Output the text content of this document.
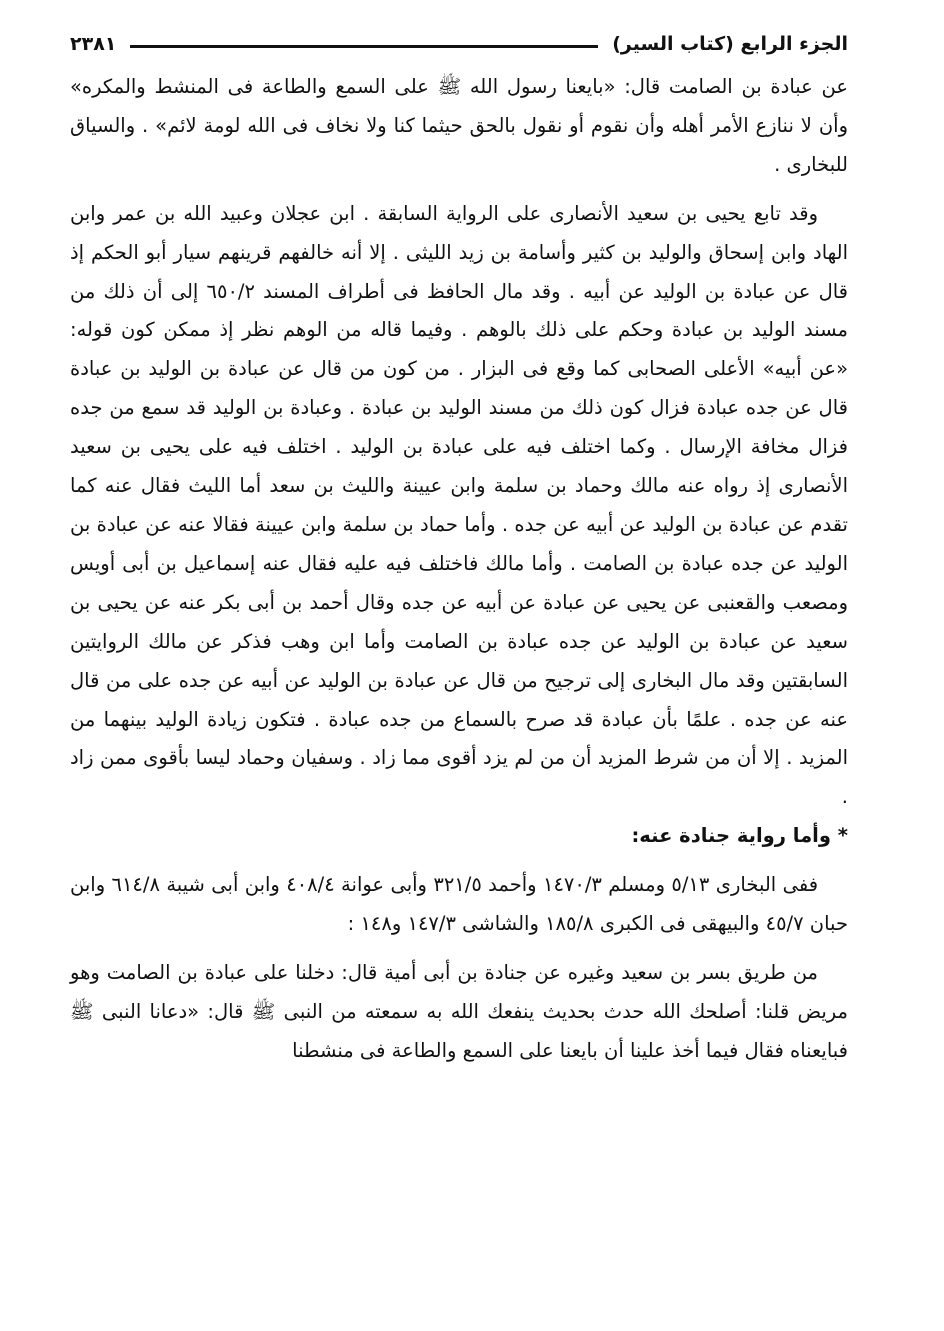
الجزء الرابع (كتاب السير)
٢٣٨١

عن عبادة بن الصامت قال: «بايعنا رسول الله ﷺ على السمع والطاعة فى المنشط والمكره» وأن لا ننازع الأمر أهله وأن نقوم أو نقول بالحق حيثما كنا ولا نخاف فى الله لومة لائم» . والسياق للبخارى .

وقد تابع يحيى بن سعيد الأنصارى على الرواية السابقة . ابن عجلان وعبيد الله بن عمر وابن الهاد وابن إسحاق والوليد بن كثير وأسامة بن زيد الليثى . إلا أنه خالفهم قرينهم سيار أبو الحكم إذ قال عن عبادة بن الوليد عن أبيه . وقد مال الحافظ فى أطراف المسند ٦٥٠/٢ إلى أن ذلك من مسند الوليد بن عبادة وحكم على ذلك بالوهم . وفيما قاله من الوهم نظر إذ ممكن كون قوله: «عن أبيه» الأعلى الصحابى كما وقع فى البزار . من كون من قال عن عبادة بن الوليد بن عبادة قال عن جده عبادة فزال كون ذلك من مسند الوليد بن عبادة . وعبادة بن الوليد قد سمع من جده فزال مخافة الإرسال . وكما اختلف فيه على عبادة بن الوليد . اختلف فيه على يحيى بن سعيد الأنصارى إذ رواه عنه مالك وحماد بن سلمة وابن عيينة والليث بن سعد أما الليث فقال عنه كما تقدم عن عبادة بن الوليد عن أبيه عن جده . وأما حماد بن سلمة وابن عيينة فقالا عنه عن عبادة بن الوليد عن جده عبادة بن الصامت . وأما مالك فاختلف فيه عليه فقال عنه إسماعيل بن أبى أويس ومصعب والقعنبى عن يحيى عن عبادة عن أبيه عن جده وقال أحمد بن أبى بكر عنه عن يحيى بن سعيد عن عبادة بن الوليد عن جده عبادة بن الصامت وأما ابن وهب فذكر عن مالك الروايتين السابقتين وقد مال البخارى إلى ترجيح من قال عن عبادة بن الوليد عن أبيه عن جده على من قال عنه عن جده . علمًا بأن عبادة قد صرح بالسماع من جده عبادة . فتكون زيادة الوليد بينهما من المزيد . إلا أن من شرط المزيد أن من لم يزد أقوى مما زاد . وسفيان وحماد ليسا بأقوى ممن زاد .

* وأما رواية جنادة عنه:

ففى البخارى ٥/١٣ ومسلم ١٤٧٠/٣ وأحمد ٣٢١/٥ وأبى عوانة ٤٠٨/٤ وابن أبى شيبة ٦١٤/٨ وابن حبان ٤٥/٧ والبيهقى فى الكبرى ١٨٥/٨ والشاشى ١٤٧/٣ و١٤٨ :

من طريق بسر بن سعيد وغيره عن جنادة بن أبى أمية قال: دخلنا على عبادة بن الصامت وهو مريض قلنا: أصلحك الله حدث بحديث ينفعك الله به سمعته من النبى ﷺ قال: «دعانا النبى ﷺ فبايعناه فقال فيما أخذ علينا أن بايعنا على السمع والطاعة فى منشطنا
